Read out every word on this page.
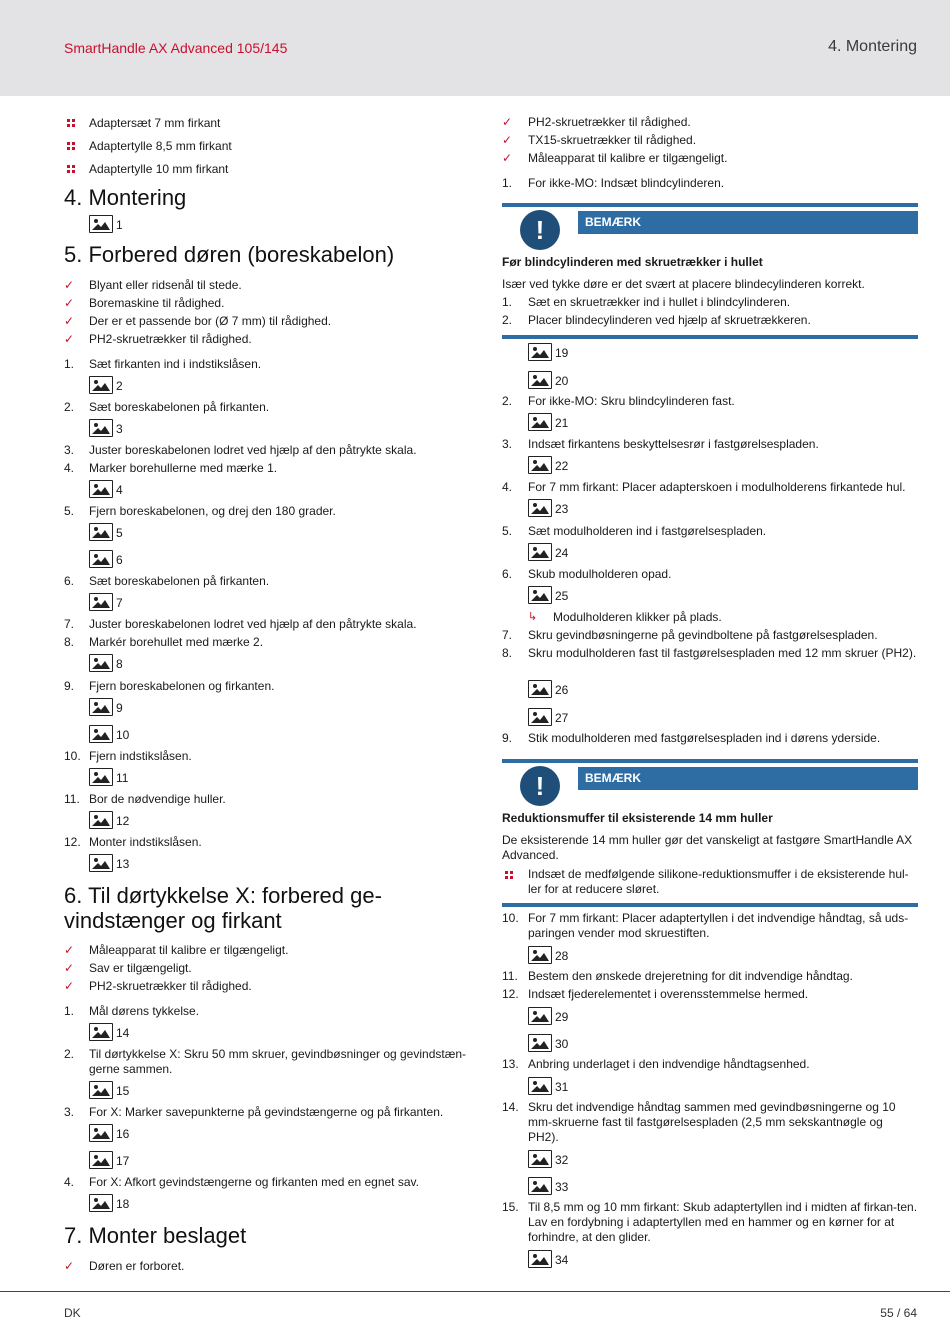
SmartHandle AX Advanced 105/145	4. Montering
Adaptersæt 7 mm firkant
Adaptertylle 8,5 mm firkant
Adaptertylle 10 mm firkant
4. Montering
1
5. Forbered døren (boreskabelon)
✓ Blyant eller ridsenål til stede.
✓ Boremaskine til rådighed.
✓ Der er et passende bor (Ø 7 mm) til rådighed.
✓ PH2-skruetrækker til rådighed.
1. Sæt firkanten ind i indstikslåsen.
2
2. Sæt boreskabelonen på firkanten.
3
3. Juster boreskabelonen lodret ved hjælp af den påtrykte skala.
4. Marker borehullerne med mærke 1.
4
5. Fjern boreskabelonen, og drej den 180 grader.
5
6
6. Sæt boreskabelonen på firkanten.
7
7. Juster boreskabelonen lodret ved hjælp af den påtrykte skala.
8. Markér borehullet med mærke 2.
8
9. Fjern boreskabelonen og firkanten.
9
10
10. Fjern indstikslåsen.
11
11. Bor de nødvendige huller.
12
12. Monter indstikslåsen.
13
6. Til dørtykkelse X: forbered ge-
vindstænger og firkant
✓ Måleapparat til kalibre er tilgængeligt.
✓ Sav er tilgængeligt.
✓ PH2-skruetrækker til rådighed.
1. Mål dørens tykkelse.
14
2. Til dørtykkelse X: Skru 50 mm skruer, gevindbøsninger og gevindstæn-gerne sammen.
15
3. For X: Marker savepunkterne på gevindstængerne og på firkanten.
16
17
4. For X: Afkort gevindstængerne og firkanten med en egnet sav.
18
7. Monter beslaget
✓ Døren er forboret.
✓ PH2-skruetrækker til rådighed.
✓ TX15-skruetrækker til rådighed.
✓ Måleapparat til kalibre er tilgængeligt.
1. For ikke-MO: Indsæt blindcylinderen.
!	BEMÆRK
Før blindcylinderen med skruetrækker i hullet
Især ved tykke døre er det svært at placere blindecylinderen korrekt.
1. Sæt en skruetrækker ind i hullet i blindcylinderen.
2. Placer blindecylinderen ved hjælp af skruetrækkeren.
19
20
2. For ikke-MO: Skru blindcylinderen fast.
21
3. Indsæt firkantens beskyttelsesrør i fastgørelsespladen.
22
4. For 7 mm firkant: Placer adapterskoen i modulholderens firkantede hul.
23
5. Sæt modulholderen ind i fastgørelsespladen.
24
6. Skub modulholderen opad.
25
↳ Modulholderen klikker på plads.
7. Skru gevindbøsningerne på gevindboltene på fastgørelsespladen.
8. Skru modulholderen fast til fastgørelsespladen med 12 mm skruer (PH2).
26
27
9. Stik modulholderen med fastgørelsespladen ind i dørens yderside.
!	BEMÆRK
Reduktionsmuffer til eksisterende 14 mm huller
De eksisterende 14 mm huller gør det vanskeligt at fastgøre SmartHandle AX Advanced.
Indsæt de medfølgende silikone-reduktionsmuffer i de eksisterende hul-ler for at reducere sløret.
10. For 7 mm firkant: Placer adaptertyllen i det indvendige håndtag, så uds-paringen vender mod skruestiften.
28
11. Bestem den ønskede drejeretning for dit indvendige håndtag.
12. Indsæt fjederelementet i overensstemmelse hermed.
29
30
13. Anbring underlaget i den indvendige håndtagsenhed.
31
14. Skru det indvendige håndtag sammen med gevindbøsningerne og 10 mm-skruerne fast til fastgørelsespladen (2,5 mm sekskantnøgle og PH2).
32
33
15. Til 8,5 mm og 10 mm firkant: Skub adaptertyllen ind i midten af firkan-ten. Lav en fordybning i adaptertyllen med en hammer og en kørner for at forhindre, at den glider.
34
DK	55 / 64
